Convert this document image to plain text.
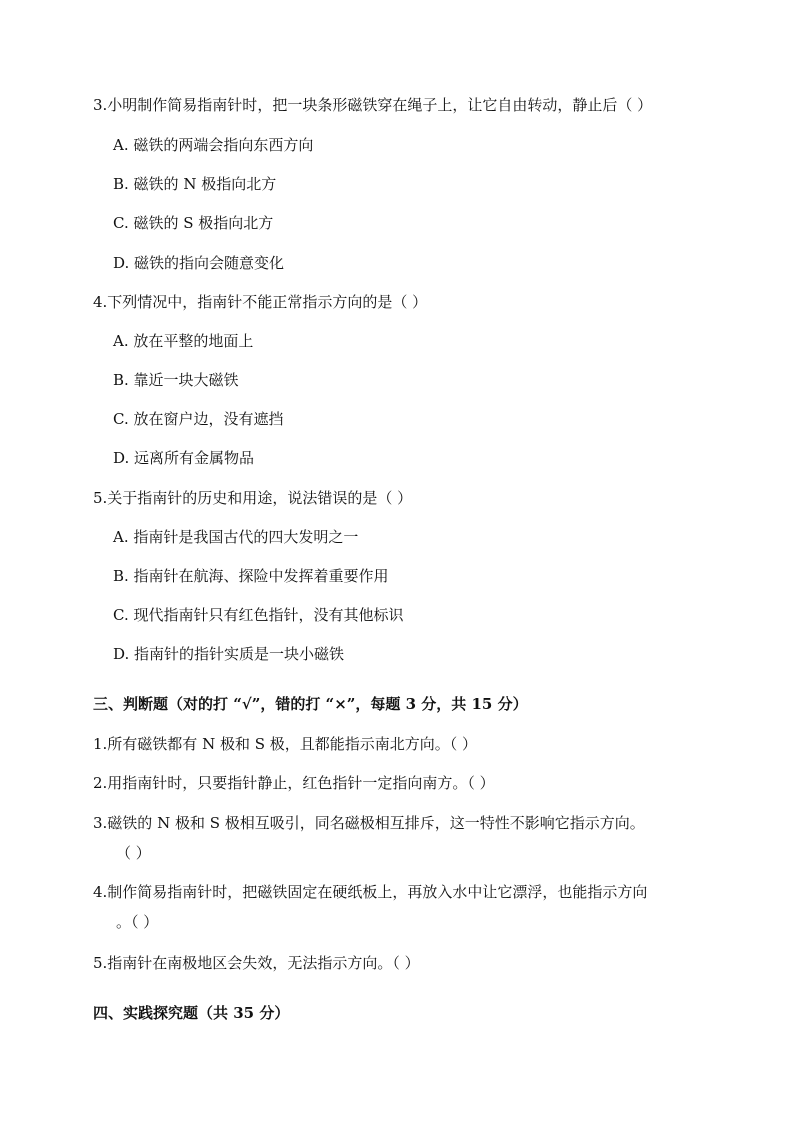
3.小明制作简易指南针时，把一块条形磁铁穿在绳子上，让它自由转动，静止后（ ）
A. 磁铁的两端会指向东西方向
B. 磁铁的 N 极指向北方
C. 磁铁的 S 极指向北方
D. 磁铁的指向会随意变化
4.下列情况中，指南针不能正常指示方向的是（ ）
A. 放在平整的地面上
B. 靠近一块大磁铁
C. 放在窗户边，没有遮挡
D. 远离所有金属物品
5.关于指南针的历史和用途，说法错误的是（ ）
A. 指南针是我国古代的四大发明之一
B. 指南针在航海、探险中发挥着重要作用
C. 现代指南针只有红色指针，没有其他标识
D. 指南针的指针实质是一块小磁铁
三、判断题（对的打 “√”，错的打 “×”，每题 3 分，共 15 分）
1.所有磁铁都有 N 极和 S 极，且都能指示南北方向。（ ）
2.用指南针时，只要指针静止，红色指针一定指向南方。（ ）
3.磁铁的 N 极和 S 极相互吸引，同名磁极相互排斥，这一特性不影响它指示方向。
（ ）
4.制作简易指南针时，把磁铁固定在硬纸板上，再放入水中让它漂浮，也能指示方向
。（ ）
5.指南针在南极地区会失效，无法指示方向。（ ）
四、实践探究题（共 35 分）
